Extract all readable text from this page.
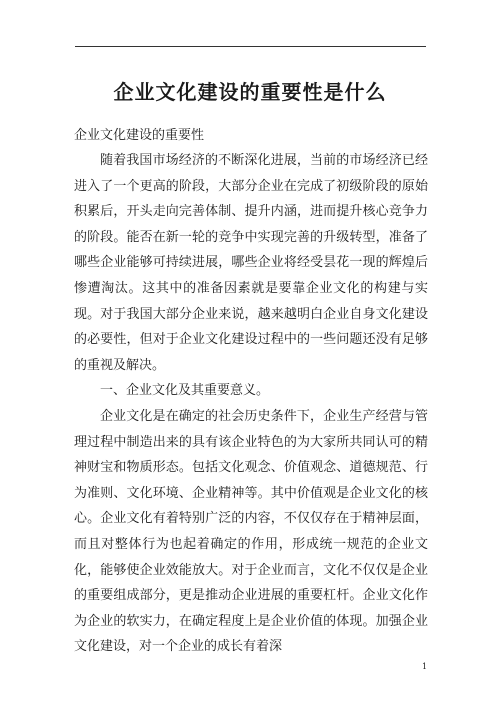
企业文化建设的重要性是什么
企业文化建设的重要性

随着我国市场经济的不断深化进展，当前的市场经济已经进入了一个更高的阶段，大部分企业在完成了初级阶段的原始积累后，开头走向完善体制、提升内涵，进而提升核心竞争力的阶段。能否在新一轮的竞争中实现完善的升级转型，准备了哪些企业能够可持续进展，哪些企业将经受昙花一现的辉煌后惨遭淘汰。这其中的准备因素就是要靠企业文化的构建与实现。对于我国大部分企业来说，越来越明白企业自身文化建设的必要性，但对于企业文化建设过程中的一些问题还没有足够的重视及解决。

一、企业文化及其重要意义。

企业文化是在确定的社会历史条件下，企业生产经营与管理过程中制造出来的具有该企业特色的为大家所共同认可的精神财宝和物质形态。包括文化观念、价值观念、道德规范、行为准则、文化环境、企业精神等。其中价值观是企业文化的核心。企业文化有着特别广泛的内容，不仅仅存在于精神层面，而且对整体行为也起着确定的作用，形成统一规范的企业文化，能够使企业效能放大。对于企业而言，文化不仅仅是企业的重要组成部分，更是推动企业进展的重要杠杆。企业文化作为企业的软实力，在确定程度上是企业价值的体现。加强企业文化建设，对一个企业的成长有着深

1
